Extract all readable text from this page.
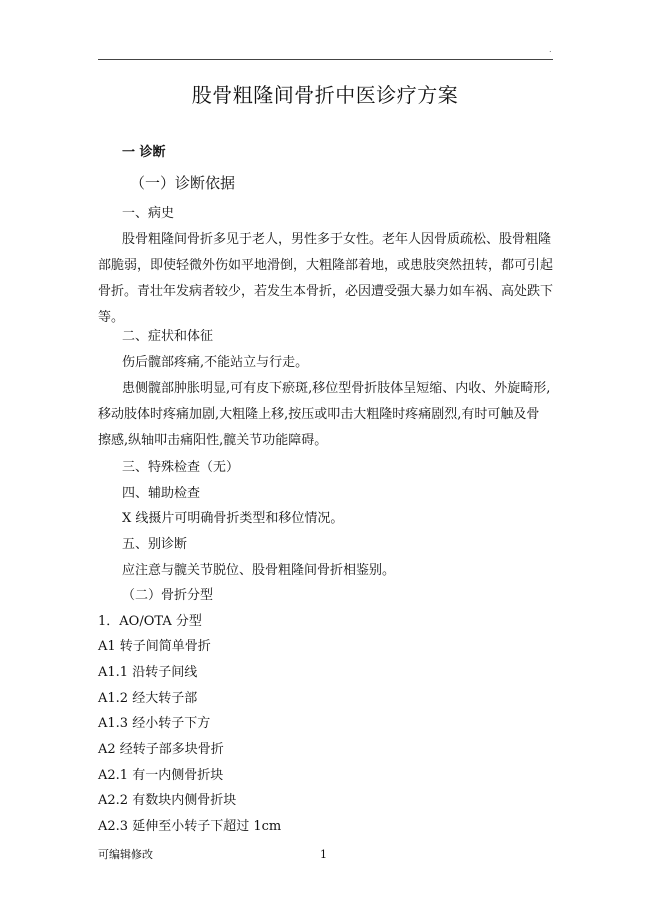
.
股骨粗隆间骨折中医诊疗方案
一 诊断
（一）诊断依据
一、病史
股骨粗隆间骨折多见于老人，男性多于女性。老年人因骨质疏松、股骨粗隆
部脆弱，即使轻微外伤如平地滑倒，大粗隆部着地，或患肢突然扭转，都可引起
骨折。青壮年发病者较少，若发生本骨折，必因遭受强大暴力如车祸、高处跌下
等。
二、症状和体征
伤后髋部疼痛,不能站立与行走。
患侧髋部肿胀明显,可有皮下瘀斑,移位型骨折肢体呈短缩、内收、外旋畸形,
移动肢体时疼痛加剧,大粗隆上移,按压或叩击大粗隆时疼痛剧烈,有时可触及骨
擦感,纵轴叩击痛阳性,髋关节功能障碍。
三、特殊检查（无）
四、辅助检查
X 线摄片可明确骨折类型和移位情况。
五、别诊断
应注意与髋关节脱位、股骨粗隆间骨折相鉴别。
（二）骨折分型
1．AO/OTA 分型
A1 转子间简单骨折
A1.1 沿转子间线
A1.2 经大转子部
A1.3 经小转子下方
A2 经转子部多块骨折
A2.1 有一内侧骨折块
A2.2 有数块内侧骨折块
A2.3 延伸至小转子下超过 1cm
可编辑修改	1
